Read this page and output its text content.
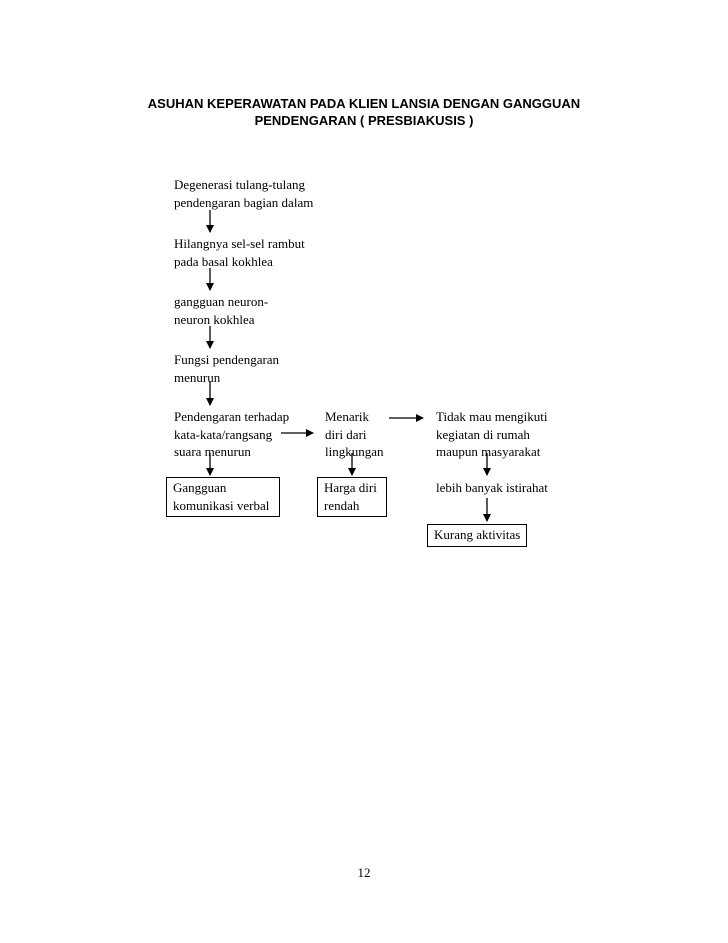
ASUHAN KEPERAWATAN PADA KLIEN LANSIA DENGAN GANGGUAN
PENDENGARAN ( PRESBIAKUSIS )
Degenerasi tulang-tulang
pendengaran bagian dalam
Hilangnya sel-sel rambut
pada basal kokhlea
gangguan neuron-
neuron kokhlea
Fungsi pendengaran
menurun
Pendengaran terhadap
kata-kata/rangsang
suara menurun
Gangguan
komunikasi verbal
Menarik
diri dari
lingkungan
Harga diri
rendah
Tidak mau mengikuti
kegiatan di rumah
maupun masyarakat
lebih banyak istirahat
Kurang aktivitas
12
